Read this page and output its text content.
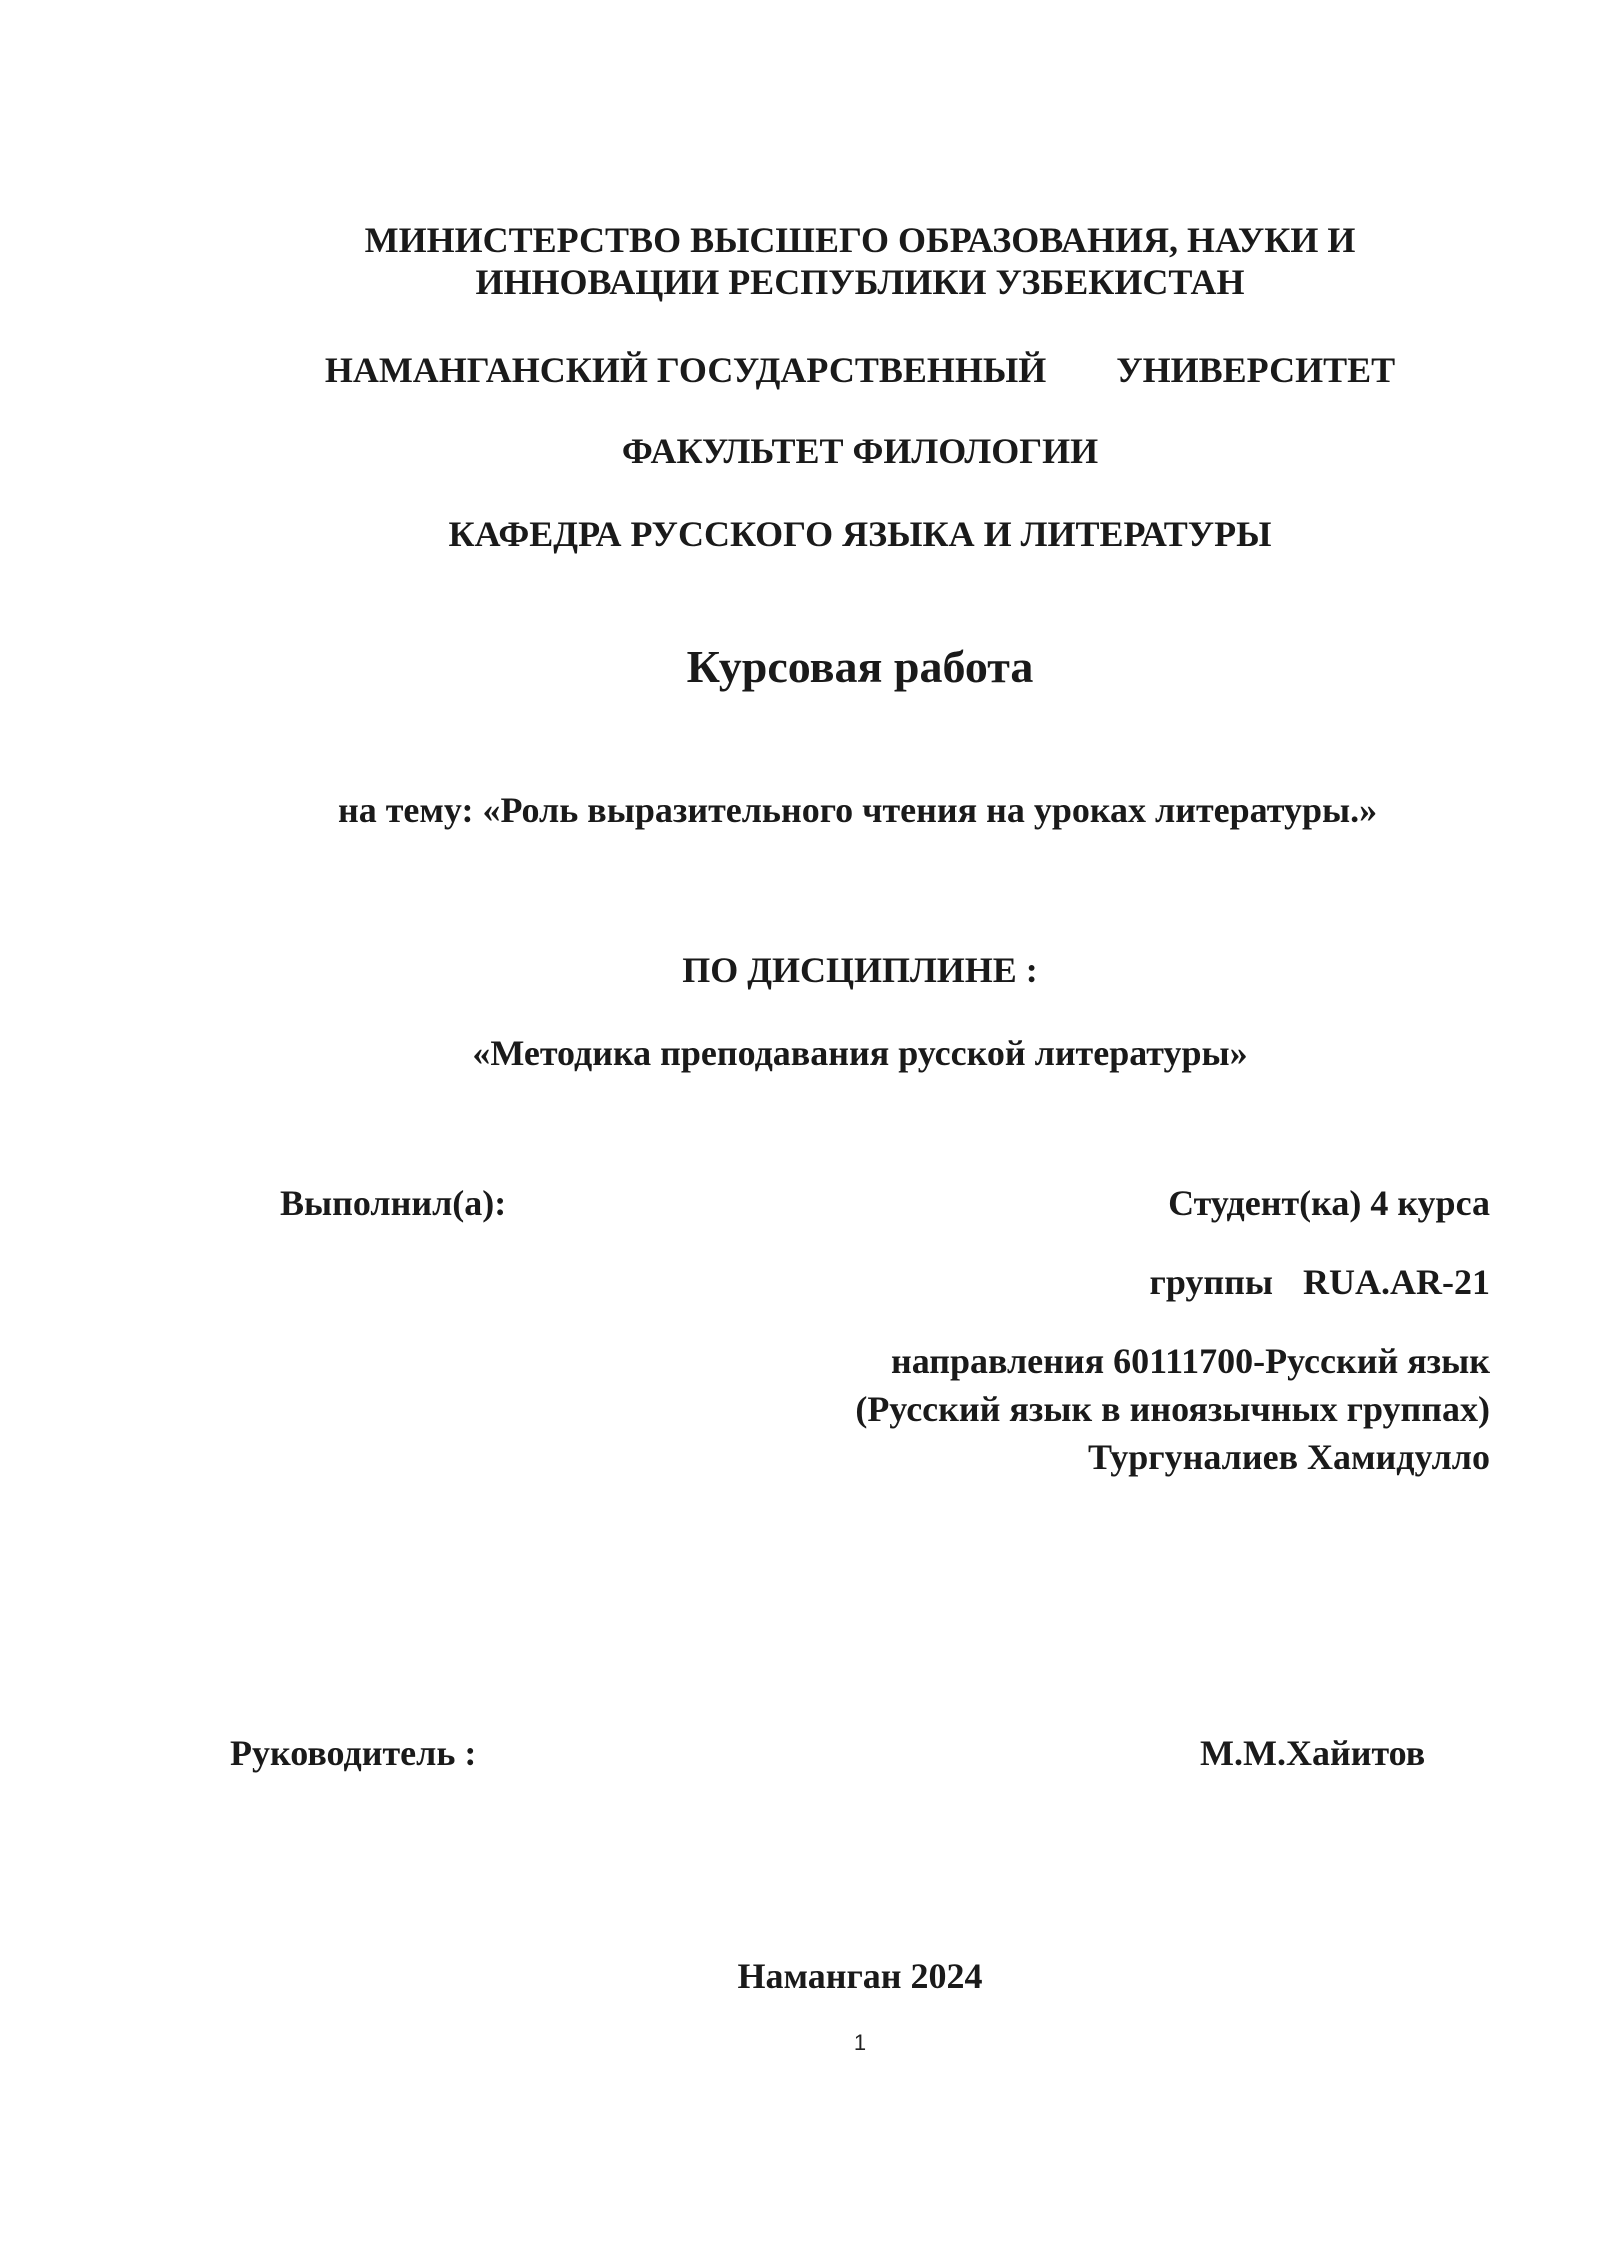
МИНИСТЕРСТВО ВЫСШЕГО ОБРАЗОВАНИЯ, НАУКИ И
ИННОВАЦИИ РЕСПУБЛИКИ УЗБЕКИСТАН
НАМАНГАНСКИЙ ГОСУДАРСТВЕННЫЙ УНИВЕРСИТЕТ
ФАКУЛЬТЕТ ФИЛОЛОГИИ
КАФЕДРА РУССКОГО ЯЗЫКА И ЛИТЕРАТУРЫ
Курсовая работа
на тему: «Роль выразительного чтения на уроках литературы.»
ПО ДИСЦИПЛИНЕ :
«Методика преподавания русской литературы»
Выполнил(а):	Студент(ка) 4 курса
группы RUA.AR-21
направления 60111700-Русский язык
(Русский язык в иноязычных группах)
Тургуналиев Хамидулло
Руководитель :	М.М.Хайитов
Наманган 2024
1
